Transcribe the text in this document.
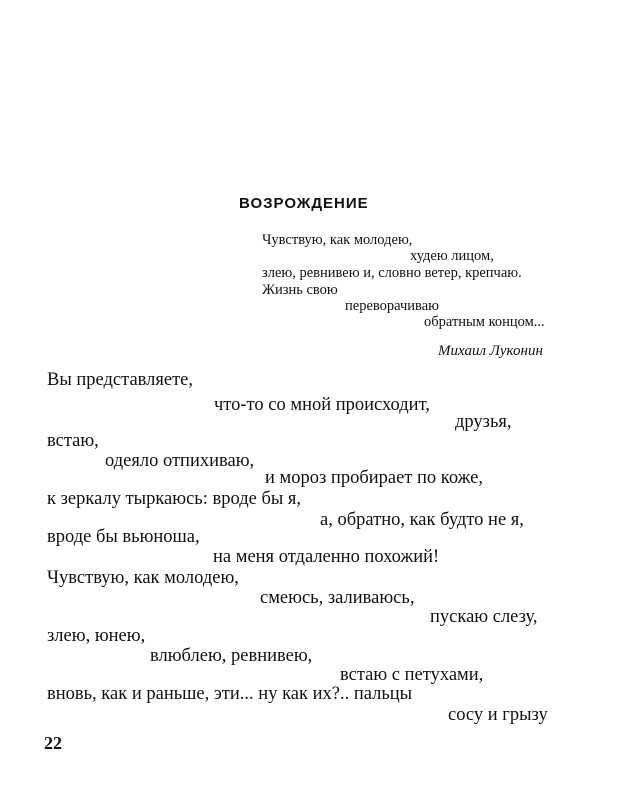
ВОЗРОЖДЕНИЕ
Чувствую, как молодею,
худею лицом,
злею, ревнивею и, словно ветер, крепчаю.
Жизнь свою
переворачиваю
обратным концом...
Михаил Луконин
Вы представляете,
что-то со мной происходит,
друзья,
встаю,
одеяло отпихиваю,
и мороз пробирает по коже,
к зеркалу тыркаюсь: вроде бы я,
а, обратно, как будто не я,
вроде бы вьюноша,
на меня отдаленно похожий!
Чувствую, как молодею,
смеюсь, заливаюсь,
пускаю слезу,
злею, юнею,
влюблею, ревнивею,
встаю с петухами,
вновь, как и раньше, эти... ну как их?.. пальцы
сосу и грызу
22
